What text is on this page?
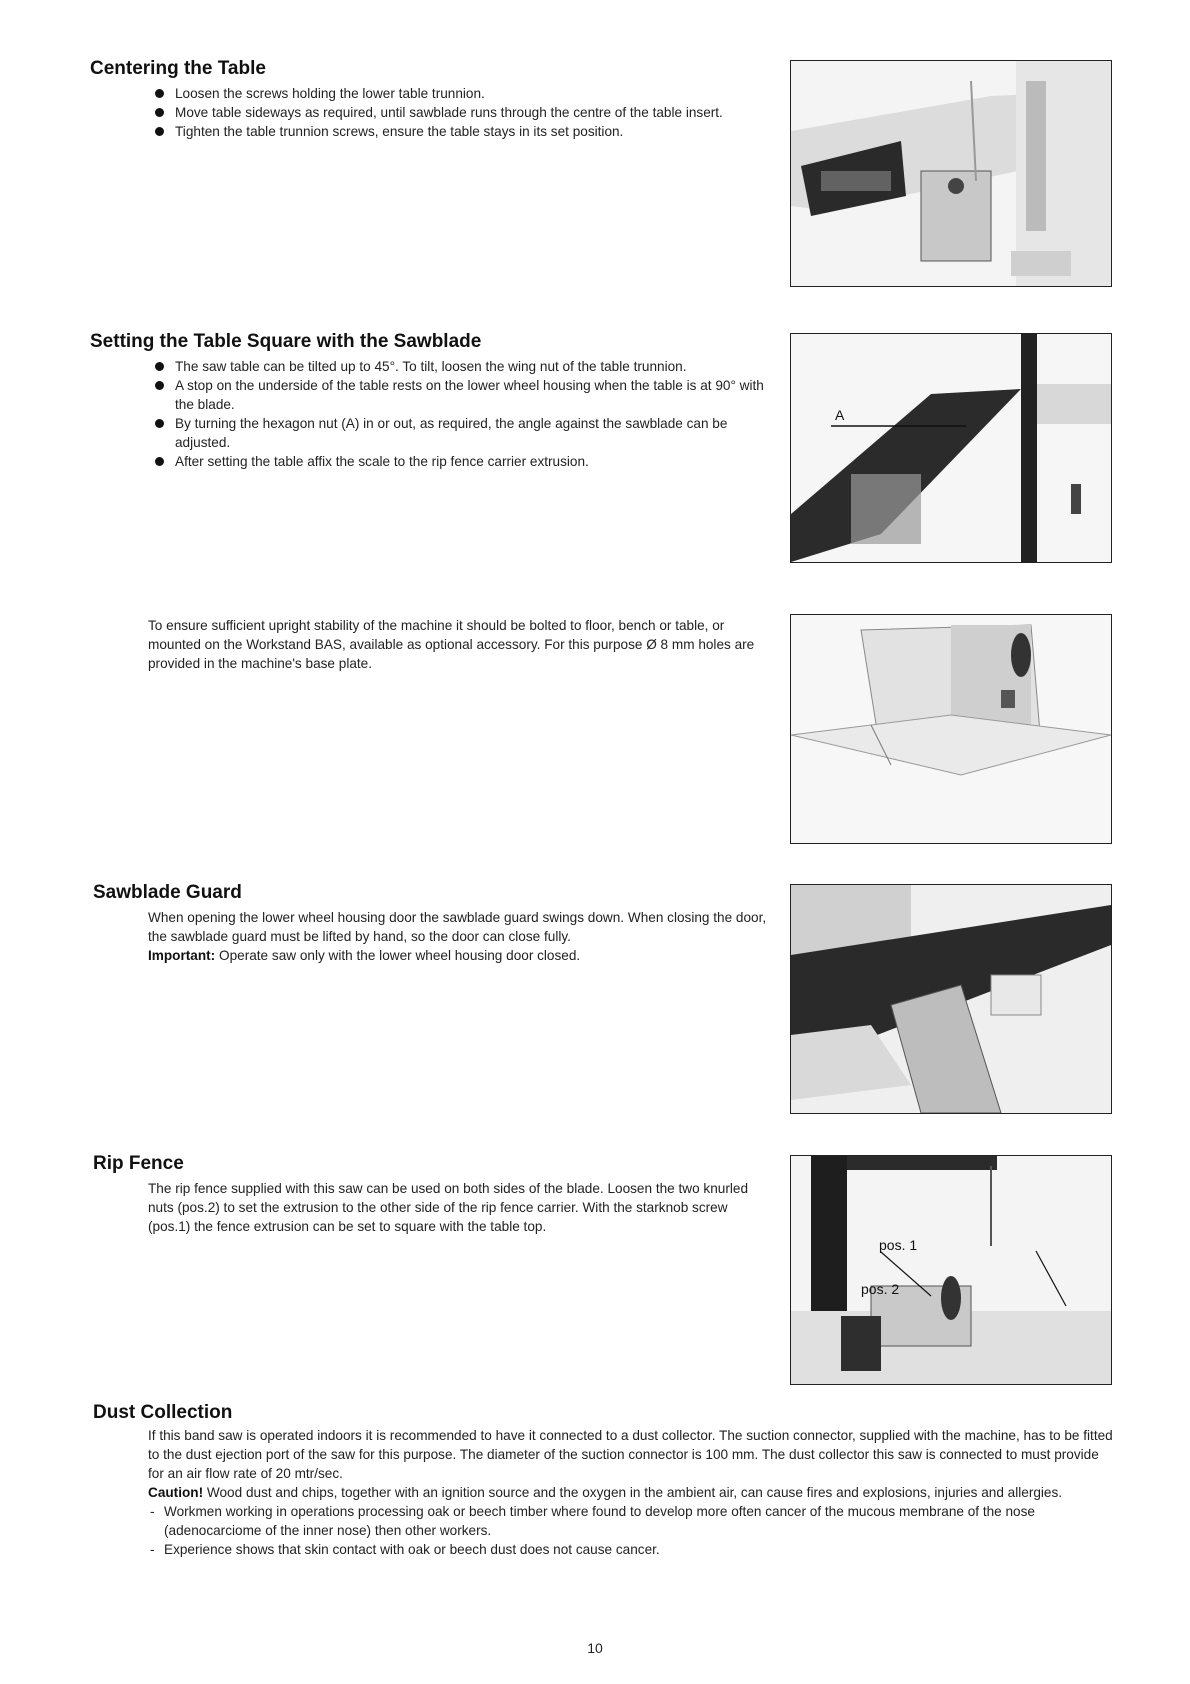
Centering the Table
Loosen the screws holding the lower table trunnion.
Move table sideways as required, until sawblade runs through the centre of the table insert.
Tighten the table trunnion screws, ensure the table stays in its set position.
Setting the Table Square with the Sawblade
The saw table can be tilted up to 45°. To tilt, loosen the wing nut of the table trunnion.
A stop on the underside of the table rests on the lower wheel housing when the table is at 90° with the blade.
By turning the hexagon nut (A) in or out, as required, the angle against the sawblade can be adjusted.
After setting the table affix the scale to the rip fence carrier extrusion.
A

To ensure sufficient upright stability of the machine it should be bolted to floor, bench or table, or mounted on the Workstand BAS, available as optional accessory. For this purpose Ø 8 mm holes are provided in the machine's base plate.

Sawblade Guard

When opening the lower wheel housing door the sawblade guard swings down. When closing the door, the sawblade guard must be lifted by hand, so the door can close fully.

Important: Operate saw only with the lower wheel housing door closed.

Rip Fence

The rip fence supplied with this saw can be used on both sides of the blade. Loosen the two knurled nuts (pos.2) to set the extrusion to the other side of the rip fence carrier. With the starknob screw (pos.1) the fence extrusion can be set to square with the table top.

pos. 1
pos. 2
Dust Collection

If this band saw is operated indoors it is recommended to have it connected to a dust collector. The suction connector, supplied with the machine, has to be fitted to the dust ejection port of the saw for this purpose. The diameter of the suction connector is 100 mm. The dust collector this saw is connected to must provide for an air flow rate of 20 mtr/sec.

Caution! Wood dust and chips, together with an ignition source and the oxygen in the ambient air, can cause fires and explosions, injuries and allergies.

- Workmen working in operations processing oak or beech timber where found to develop more often cancer of the mucous membrane of the nose (adenocarciome of the inner nose) then other workers.
- Experience shows that skin contact with oak or beech dust does not cause cancer.
10
